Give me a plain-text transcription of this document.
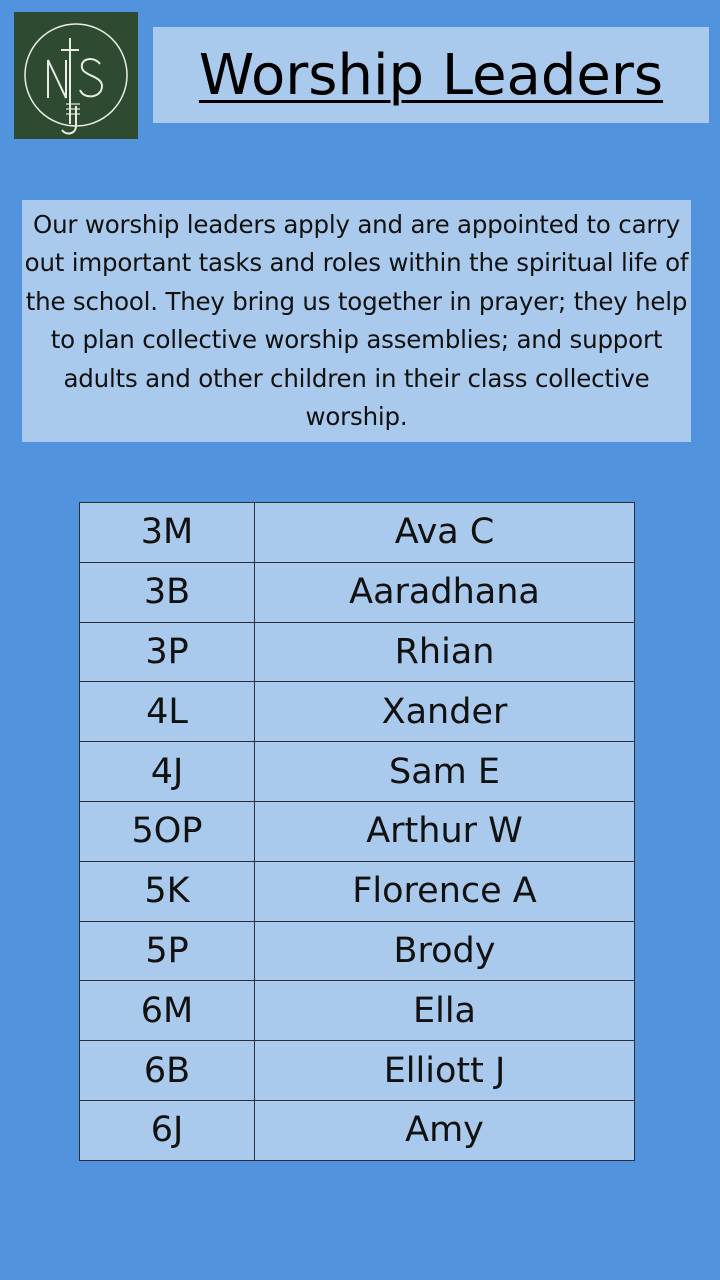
Worship Leaders

Our worship leaders apply and are appointed to carry out important tasks and roles within the spiritual life of the school. They bring us together in prayer; they help to plan collective worship assemblies; and support adults and other children in their class collective worship.

3M	Ava C
3B	Aaradhana
3P	Rhian
4L	Xander
4J	Sam E
5OP	Arthur W
5K	Florence A
5P	Brody
6M	Ella
6B	Elliott J
6J	Amy
